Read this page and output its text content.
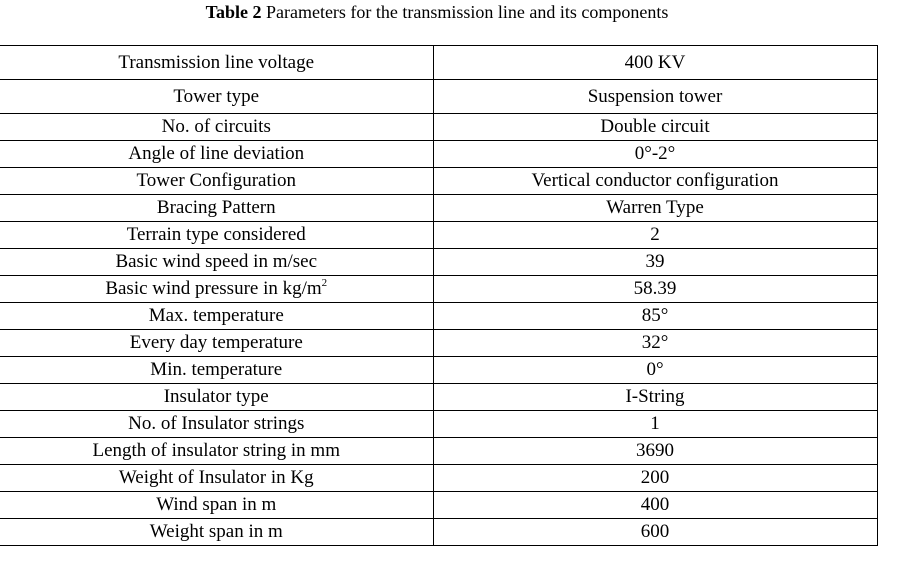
Table 2 Parameters for the transmission line and its components
Transmission line voltage	400 KV
Tower type	Suspension tower
No. of circuits	Double circuit
Angle of line deviation	0°-2°
Tower Configuration	Vertical conductor configuration
Bracing Pattern	Warren Type
Terrain type considered	2
Basic wind speed in m/sec	39
Basic wind pressure in $kg/m^2$	58.39
Max. temperature	85°
Every day temperature	32°
Min. temperature	0°
Insulator type	I-String
No. of Insulator strings	1
Length of insulator string in mm	3690
Weight of Insulator in Kg	200
Wind span in m	400
Weight span in m	600
